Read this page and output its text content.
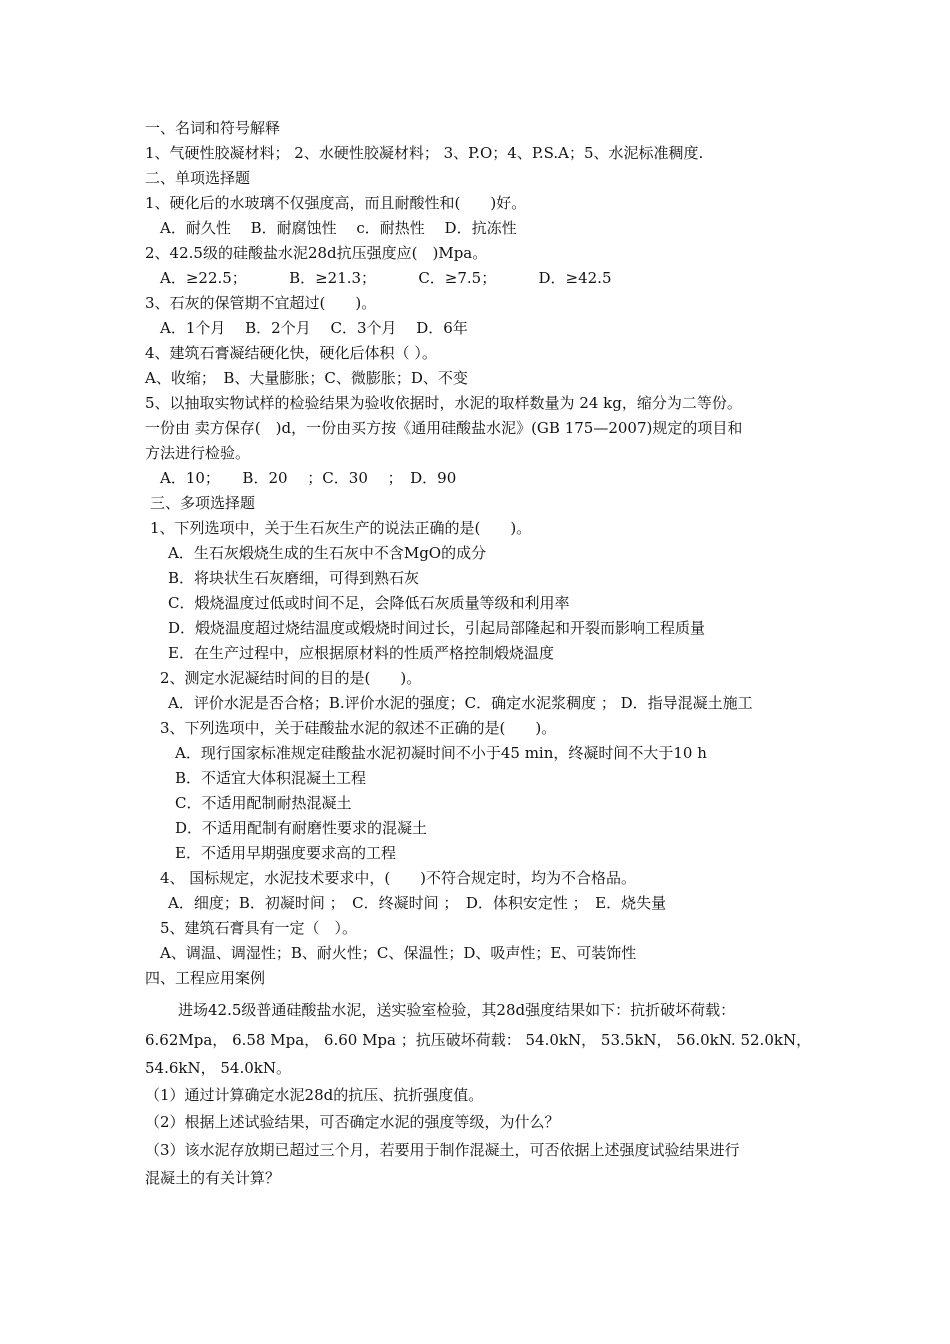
一、名词和符号解释
1、气硬性胶凝材料； 2、水硬性胶凝材料； 3、P.O；4、P.S.A；5、水泥标准稠度.
二、单项选择题
1、硬化后的水玻璃不仅强度高，而且耐酸性和(　　)好。
A．耐久性　 B．耐腐蚀性　 c．耐热性　 D．抗冻性
2、42.5级的硅酸盐水泥28d抗压强度应(　)Mpa。
A．≥22.5；　　　 B．≥21.3；　　　 C．≥7.5；　　　 D．≥42.5
3、石灰的保管期不宜超过(　　)。
A．1个月　 B．2个月　 C．3个月　 D．6年
4、建筑石膏凝结硬化快，硬化后体积（ ）。
A、收缩；　B、大量膨胀；C、微膨胀；D、不变
5、以抽取实物试样的检验结果为验收依据时，水泥的取样数量为 24 kg，缩分为二等份。
一份由 卖方保存(　)d，一份由买方按《通用硅酸盐水泥》(GB 175—2007)规定的项目和
方法进行检验。
A．10；　　B．20　 ；C．30　 ；　D．90
三、多项选择题
1、下列选项中，关于生石灰生产的说法正确的是(　　)。
A．生石灰煅烧生成的生石灰中不含MgO的成分
B．将块状生石灰磨细，可得到熟石灰
C．煅烧温度过低或时间不足，会降低石灰质量等级和利用率
D．煅烧温度超过烧结温度或煅烧时间过长，引起局部隆起和开裂而影响工程质量
E．在生产过程中，应根据原材料的性质严格控制煅烧温度
2、测定水泥凝结时间的目的是(　　)。
A．评价水泥是否合格；B.评价水泥的强度；C．确定水泥浆稠度 ； D．指导混凝土施工
3、下列选项中，关于硅酸盐水泥的叙述不正确的是(　　)。
A．现行国家标准规定硅酸盐水泥初凝时间不小于45 min，终凝时间不大于10 h
B．不适宜大体积混凝土工程
C．不适用配制耐热混凝土
D．不适用配制有耐磨性要求的混凝土
E．不适用早期强度要求高的工程
4、 国标规定，水泥技术要求中，(　　)不符合规定时，均为不合格品。
A．细度；B．初凝时间 ；　C．终凝时间 ；　D．体积安定性 ；　E．烧失量
5、建筑石膏具有一定（　）。
A、调温、调湿性；B、耐火性；C、保温性；D、吸声性；E、可装饰性
四、工程应用案例
进场42.5级普通硅酸盐水泥，送实验室检验，其28d强度结果如下：抗折破坏荷载：
6.62Mpa， 6.58 Mpa， 6.60 Mpa ；抗压破坏荷载： 54.0kN， 53.5kN， 56.0kN. 52.0kN，
54.6kN， 54.0kN。
（1）通过计算确定水泥28d的抗压、抗折强度值。
（2）根据上述试验结果，可否确定水泥的强度等级，为什么？
（3）该水泥存放期已超过三个月，若要用于制作混凝土，可否依据上述强度试验结果进行
混凝土的有关计算？
